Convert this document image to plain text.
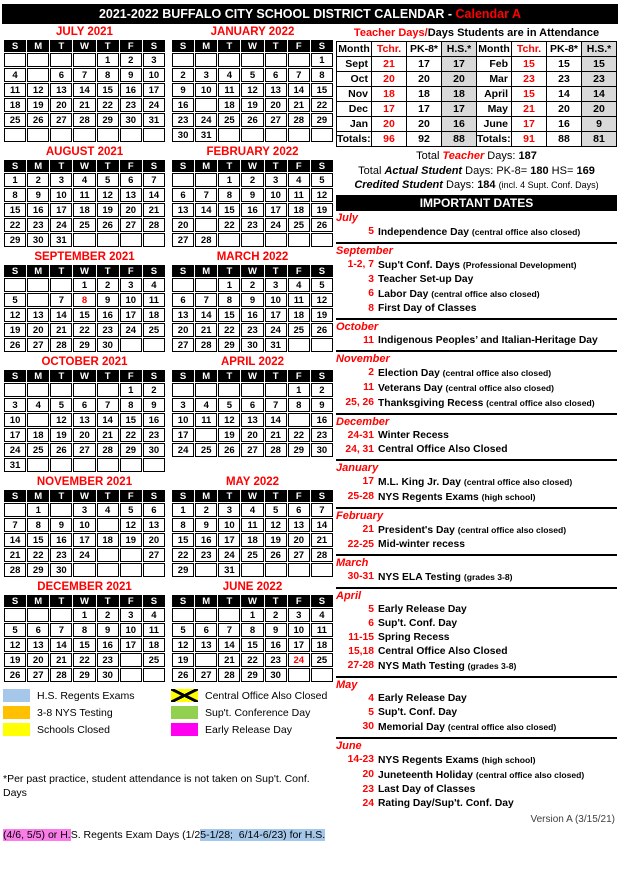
2021-2022 BUFFALO CITY SCHOOL DISTRICT CALENDAR - Calendar A
JULY 2021
S	M	T	W	T	F	S
				1	2	3
4		6	7	8	9	10
11	12	13	14	15	16	17
18	19	20	21	22	23	24
25	26	27	28	29	30	31

JANUARY 2022
S	M	T	W	T	F	S
						1
2	3	4	5	6	7	8
9	10	11	12	13	14	15
16		18	19	20	21	22
23	24	25	26	27	28	29
30	31					
AUGUST 2021
S	M	T	W	T	F	S
1	2	3	4	5	6	7
8	9	10	11	12	13	14
15	16	17	18	19	20	21
22	23	24	25	26	27	28
29	30	31				
FEBRUARY 2022
S	M	T	W	T	F	S
		1	2	3	4	5
6	7	8	9	10	11	12
13	14	15	16	17	18	19
20		22	23	24	25	26
27	28					
SEPTEMBER 2021
S	M	T	W	T	F	S
			1	2	3	4
5		7	8	9	10	11
12	13	14	15	16	17	18
19	20	21	22	23	24	25
26	27	28	29	30		
MARCH 2022
S	M	T	W	T	F	S
		1	2	3	4	5
6	7	8	9	10	11	12
13	14	15	16	17	18	19
20	21	22	23	24	25	26
27	28	29	30	31		
OCTOBER 2021
S	M	T	W	T	F	S
					1	2
3	4	5	6	7	8	9
10		12	13	14	15	16
17	18	19	20	21	22	23
24	25	26	27	28	29	30
31						
APRIL 2022
S	M	T	W	T	F	S
					1	2
3	4	5	6	7	8	9
10	11	12	13	14		16
17		19	20	21	22	23
24	25	26	27	28	29	30
NOVEMBER 2021
S	M	T	W	T	F	S
	1		3	4	5	6
7	8	9	10		12	13
14	15	16	17	18	19	20
21	22	23	24			27
28	29	30				
MAY 2022
S	M	T	W	T	F	S
1	2	3	4	5	6	7
8	9	10	11	12	13	14
15	16	17	18	19	20	21
22	23	24	25	26	27	28
29		31				
DECEMBER 2021
S	M	T	W	T	F	S
			1	2	3	4
5	6	7	8	9	10	11
12	13	14	15	16	17	18
19	20	21	22	23		25
26	27	28	29	30		
JUNE 2022
S	M	T	W	T	F	S
			1	2	3	4
5	6	7	8	9	10	11
12	13	14	15	16	17	18
19		21	22	23	24	25
26	27	28	29	30		
H.S. Regents Exams
3-8 NYS Testing
Schools Closed
Central Office Also Closed
Sup't. Conference Day
Early Release Day

*Per past practice, student attendance is not taken on Sup't. Conf. Days

(4/6, 5/5) or H.S. Regents Exam Days (1/25-1/28;  6/14-6/23) for H.S.

Teacher Days/Days Students are in Attendance
Month	Tchr.	PK-8*	H.S.*	Month	Tchr.	PK-8*	H.S.*
Sept	21	17	17	Feb	15	15	15
Oct	20	20	20	Mar	23	23	23
Nov	18	18	18	April	15	14	14
Dec	17	17	17	May	21	20	20
Jan	20	20	16	June	17	16	9
Totals:	96	92	88	Totals:	91	88	81
Total Teacher Days: 187
Total Actual Student Days: PK-8= 180 HS= 169
Credited Student Days: 184 (incl. 4 Supt. Conf. Days)
IMPORTANT DATES
July
5 Independence Day (central office also closed)
September
1-2, 7 Sup't Conf. Days (Professional Development)
3 Teacher Set-up Day
6 Labor Day (central office also closed)
8 First Day of Classes
October
11 Indigenous Peoples’ and Italian-Heritage Day
November
2 Election Day (central office also closed)
11 Veterans Day (central office also closed)
25, 26 Thanksgiving Recess (central office also closed)
December
24-31 Winter Recess
24, 31 Central Office Also Closed
January
17 M.L. King Jr. Day (central office also closed)
25-28 NYS Regents Exams (high school)
February
21 President's Day (central office also closed)
22-25 Mid-winter recess
March
30-31 NYS ELA Testing (grades 3-8)
April
5 Early Release Day
6 Sup't. Conf. Day
11-15 Spring Recess
15,18 Central Office Also Closed
27-28 NYS Math Testing (grades 3-8)
May
4 Early Release Day
5 Sup't. Conf. Day
30 Memorial Day (central office also closed)
June
14-23 NYS Regents Exams (high school)
20 Juneteenth Holiday (central office also closed)
23 Last Day of Classes
24 Rating Day/Sup't. Conf. Day
Version A (3/15/21)
